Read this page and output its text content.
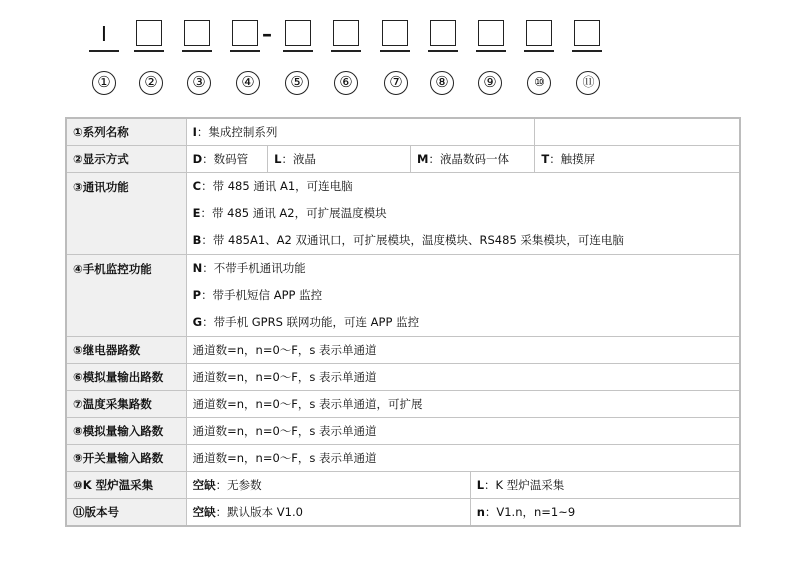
I	–
①	②	③	④	⑤	⑥	⑦	⑧	⑨	⑩	⑪
①系列名称	I：集成控制系列				
②显示方式	D：数码管	L：液晶	M：液晶数码一体		T：触摸屏
③通讯功能	C：带 485 通讯 A1，可连电脑
E：带 485 通讯 A2，可扩展温度模块
B：带 485A1、A2 双通讯口，可扩展模块，温度模块、RS485 采集模块，可连电脑				

④手机监控功能	N：不带手机通讯功能
P：带手机短信 APP 监控
G：带手机 GPRS 联网功能，可连 APP 监控				

⑤继电器路数	通道数=n，n=0～F，s 表示单通道				
⑥模拟量输出路数	通道数=n，n=0～F，s 表示单通道				
⑦温度采集路数	通道数=n，n=0～F，s 表示单通道，可扩展				
⑧模拟量输入路数	通道数=n，n=0～F，s 表示单通道				
⑨开关量输入路数	通道数=n，n=0～F，s 表示单通道				
⑩K 型炉温采集	空缺：无参数			L：K 型炉温采集	
⑪版本号	空缺：默认版本 V1.0			n：V1.n，n=1~9	
